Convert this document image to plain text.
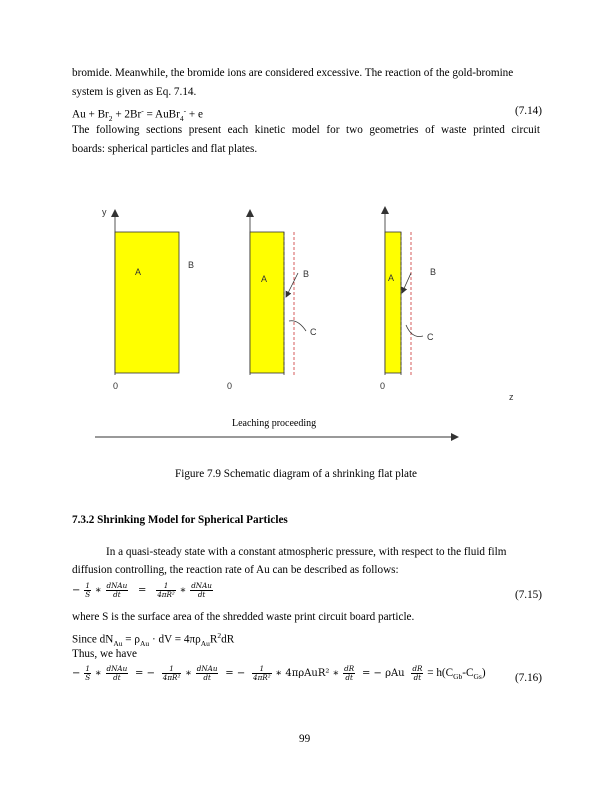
bromide. Meanwhile, the bromide ions are considered excessive. The reaction of the gold-bromine
system is given as Eq. 7.14.
$Au + Br_2 + 2Br^-$ = AuBr$_4$- + e	(7.14)
The following sections present each kinetic model for two geometries of waste printed circuit
boards: spherical particles and flat plates.
y
A
B
0
A	B
C
0
A
B
C
0
z
Leaching proceeding
Figure 7.9 Schematic diagram of a shrinking flat plate
7.3.2 Shrinking Model for Spherical Particles
In a quasi-steady state with a constant atmospheric pressure, with respect to the fluid film
diffusion controlling, the reaction rate of Au can be described as follows:
− $\frac{1}{S}$ ∗ $\frac{\text{dNAu}}{dt} = \frac{1}{\text{4πR²}}$ ∗ $\frac{\text{dNAu}}{dt}$	(7.15)
where S is the surface area of the shredded waste print circuit board particle.
Since $dN_{Au} = \rho_{Au}$ · dV = $4\pi\rho_{Au}R^2dR$
Thus, we have
− $\frac{1}{S}$ ∗ $\frac{\text{dNAu}}{dt}$ = − $\frac{1}{\text{4πR²}}$ ∗ $\frac{\text{dNAu}}{dt}$ = − $\frac{1}{\text{4πR²}}$ ∗ 4πρAuR² ∗ $\frac{dR}{dt}$ = − ρAu $\frac{dR}{dt} = h(C_{Gb}-C_{Gs})$	(7.16)
99
